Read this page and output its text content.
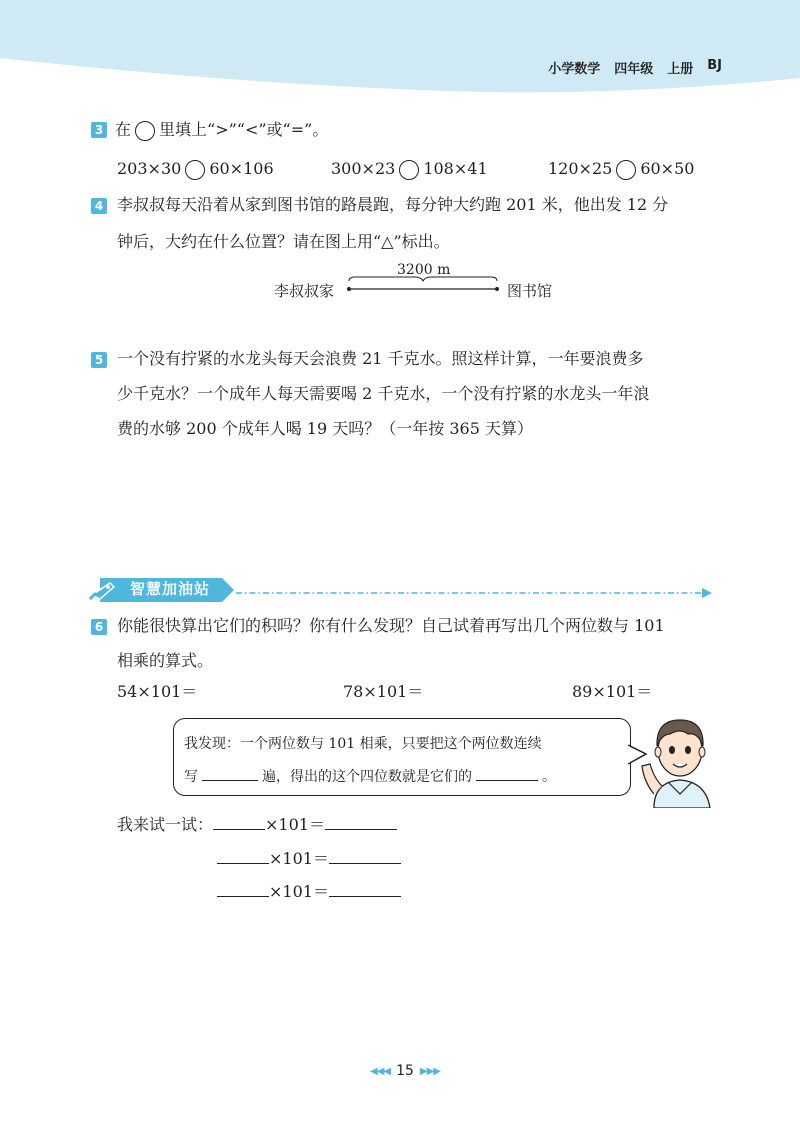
小学数学 四年级 上册 BJ
3 在 里填上“>”“<”或“=”。
203×30 60×106	300×23 108×41	120×25 60×50
4 李叔叔每天沿着从家到图书馆的路晨跑，每分钟大约跑 201 米，他出发 12 分
钟后，大约在什么位置？请在图上用“△”标出。
3200 m
李叔叔家	图书馆
5 一个没有拧紧的水龙头每天会浪费 21 千克水。照这样计算，一年要浪费多
少千克水？一个成年人每天需要喝 2 千克水，一个没有拧紧的水龙头一年浪
费的水够 200 个成年人喝 19 天吗？（一年按 365 天算）
智慧加油站
6 你能很快算出它们的积吗？你有什么发现？自己试着再写出几个两位数与 101
相乘的算式。
54×101＝	78×101＝	89×101＝
我发现：一个两位数与 101 相乘，只要把这个两位数连续
写	遍，得出的这个四位数就是它们的	。
我来试一试：	×101＝
×101＝
×101＝
◀◀◀ 15 ▶▶▶
